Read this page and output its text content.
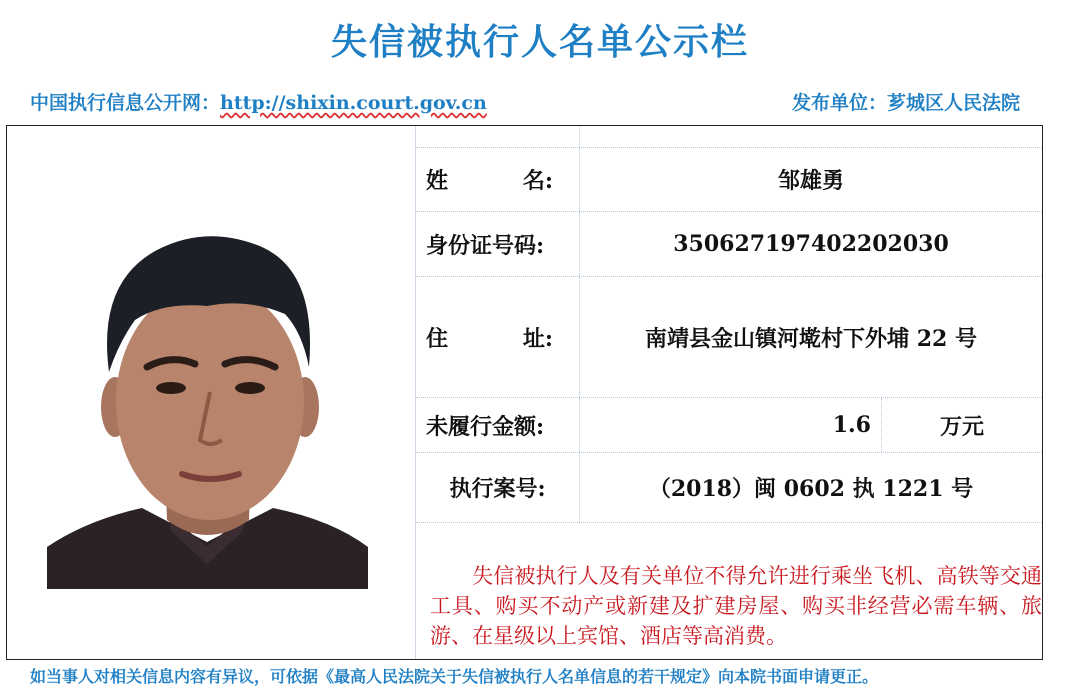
失信被执行人名单公示栏
中国执行信息公开网：http://shixin.court.gov.cn	发布单位：芗城区人民法院
姓	名:	邹雄勇
身份证号码:	350627197402202030
住	址:	南靖县金山镇河墘村下外埔 22 号
未履行金额:	1.6	万元
执行案号:	（2018）闽 0602 执 1221 号
失信被执行人及有关单位不得允许进行乘坐飞机、高铁等交通工具、购买不动产或新建及扩建房屋、购买非经营必需车辆、旅游、在星级以上宾馆、酒店等高消费。
如当事人对相关信息内容有异议，可依据《最高人民法院关于失信被执行人名单信息的若干规定》向本院书面申请更正。
